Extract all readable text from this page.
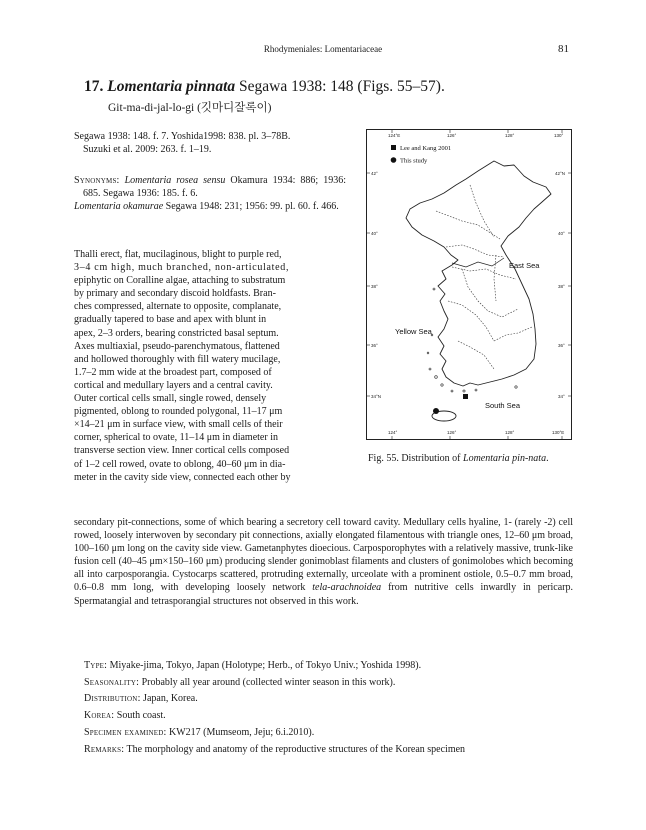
Rhodymeniales: Lomentariaceae	81
17. Lomentaria pinnata Segawa 1938: 148 (Figs. 55–57).
Git-ma-di-jal-lo-gi (깃마디잘록이)

Segawa 1938: 148. f. 7. Yoshida1998: 838. pl. 3–78B.
Suzuki et al. 2009: 263. f. 1–19.

Synonyms: Lomentaria rosea sensu Okamura 1934: 886; 1936: 685. Segawa 1936: 185. f. 6.

Lomentaria okamurae Segawa 1948: 231; 1956: 99. pl. 60. f. 466.

Thalli erect, flat, mucilaginous, blight to purple red,
3–4 cm high, much branched, non-articulated,
epiphytic on Coralline algae, attaching to substratum
by primary and secondary discoid holdfasts. Bran-
ches compressed, alternate to opposite, complanate,
gradually tapered to base and apex with blunt in
apex, 2–3 orders, bearing constricted basal septum.
Axes multiaxial, pseudo-parenchymatous, flattened
and hollowed thoroughly with fill watery mucilage,
1.7–2 mm wide at the broadest part, composed of
cortical and medullary layers and a central cavity.
Outer cortical cells small, single rowed, densely
pigmented, oblong to rounded polygonal, 11–17 μm
×14–21 μm in surface view, with small cells of their
corner, spherical to ovate, 11–14 μm in diameter in
transverse section view. Inner cortical cells composed
of 1–2 cell rowed, ovate to oblong, 40–60 μm in dia-
meter in the cavity side view, connected each other by
secondary pit-connections, some of which bearing a secretory cell toward cavity. Medullary cells hyaline, 1- (rarely -2) cell rowed, loosely interwoven by secondary pit connections, axially elongated filamentous with triangle ones, 12–60 μm broad, 100–160 μm long on the cavity side view. Gametanphytes dioecious. Carposporophytes with a relatively massive, trunk-like fusion cell (40–45 μm×150–160 μm) producing slender gonimoblast filaments and clusters of gonimolobes which becoming all into carposporangia. Cystocarps scattered, protruding externally, urceolate with a prominent ostiole, 0.5–0.7 mm broad, 0.6–0.8 mm long, with developing loosely network tela-arachnoidea from nutritive cells inwardly in pericarp. Spermatangial and tetrasporangial structures not observed in this work.

Type: Miyake-jima, Tokyo, Japan (Holotype; Herb., of Tokyo Univ.; Yoshida 1998).

Seasonality: Probably all year around (collected winter season in this work).

Distribution: Japan, Korea.

Korea: South coast.

Specimen examined: KW217 (Mumseom, Jeju; 6.i.2010).

Remarks: The morphology and anatomy of the reproductive structures of the Korean specimen

124°E	126°	128°	130°
124°	126°	128°	130°E
42°
40°
38°
36°
34°N
42°N
40°
38°
36°
34°
Lee and Kang 2001
This study
East Sea
Yellow Sea
South Sea
Fig. 55. Distribution of Lomentaria pin-nata.
